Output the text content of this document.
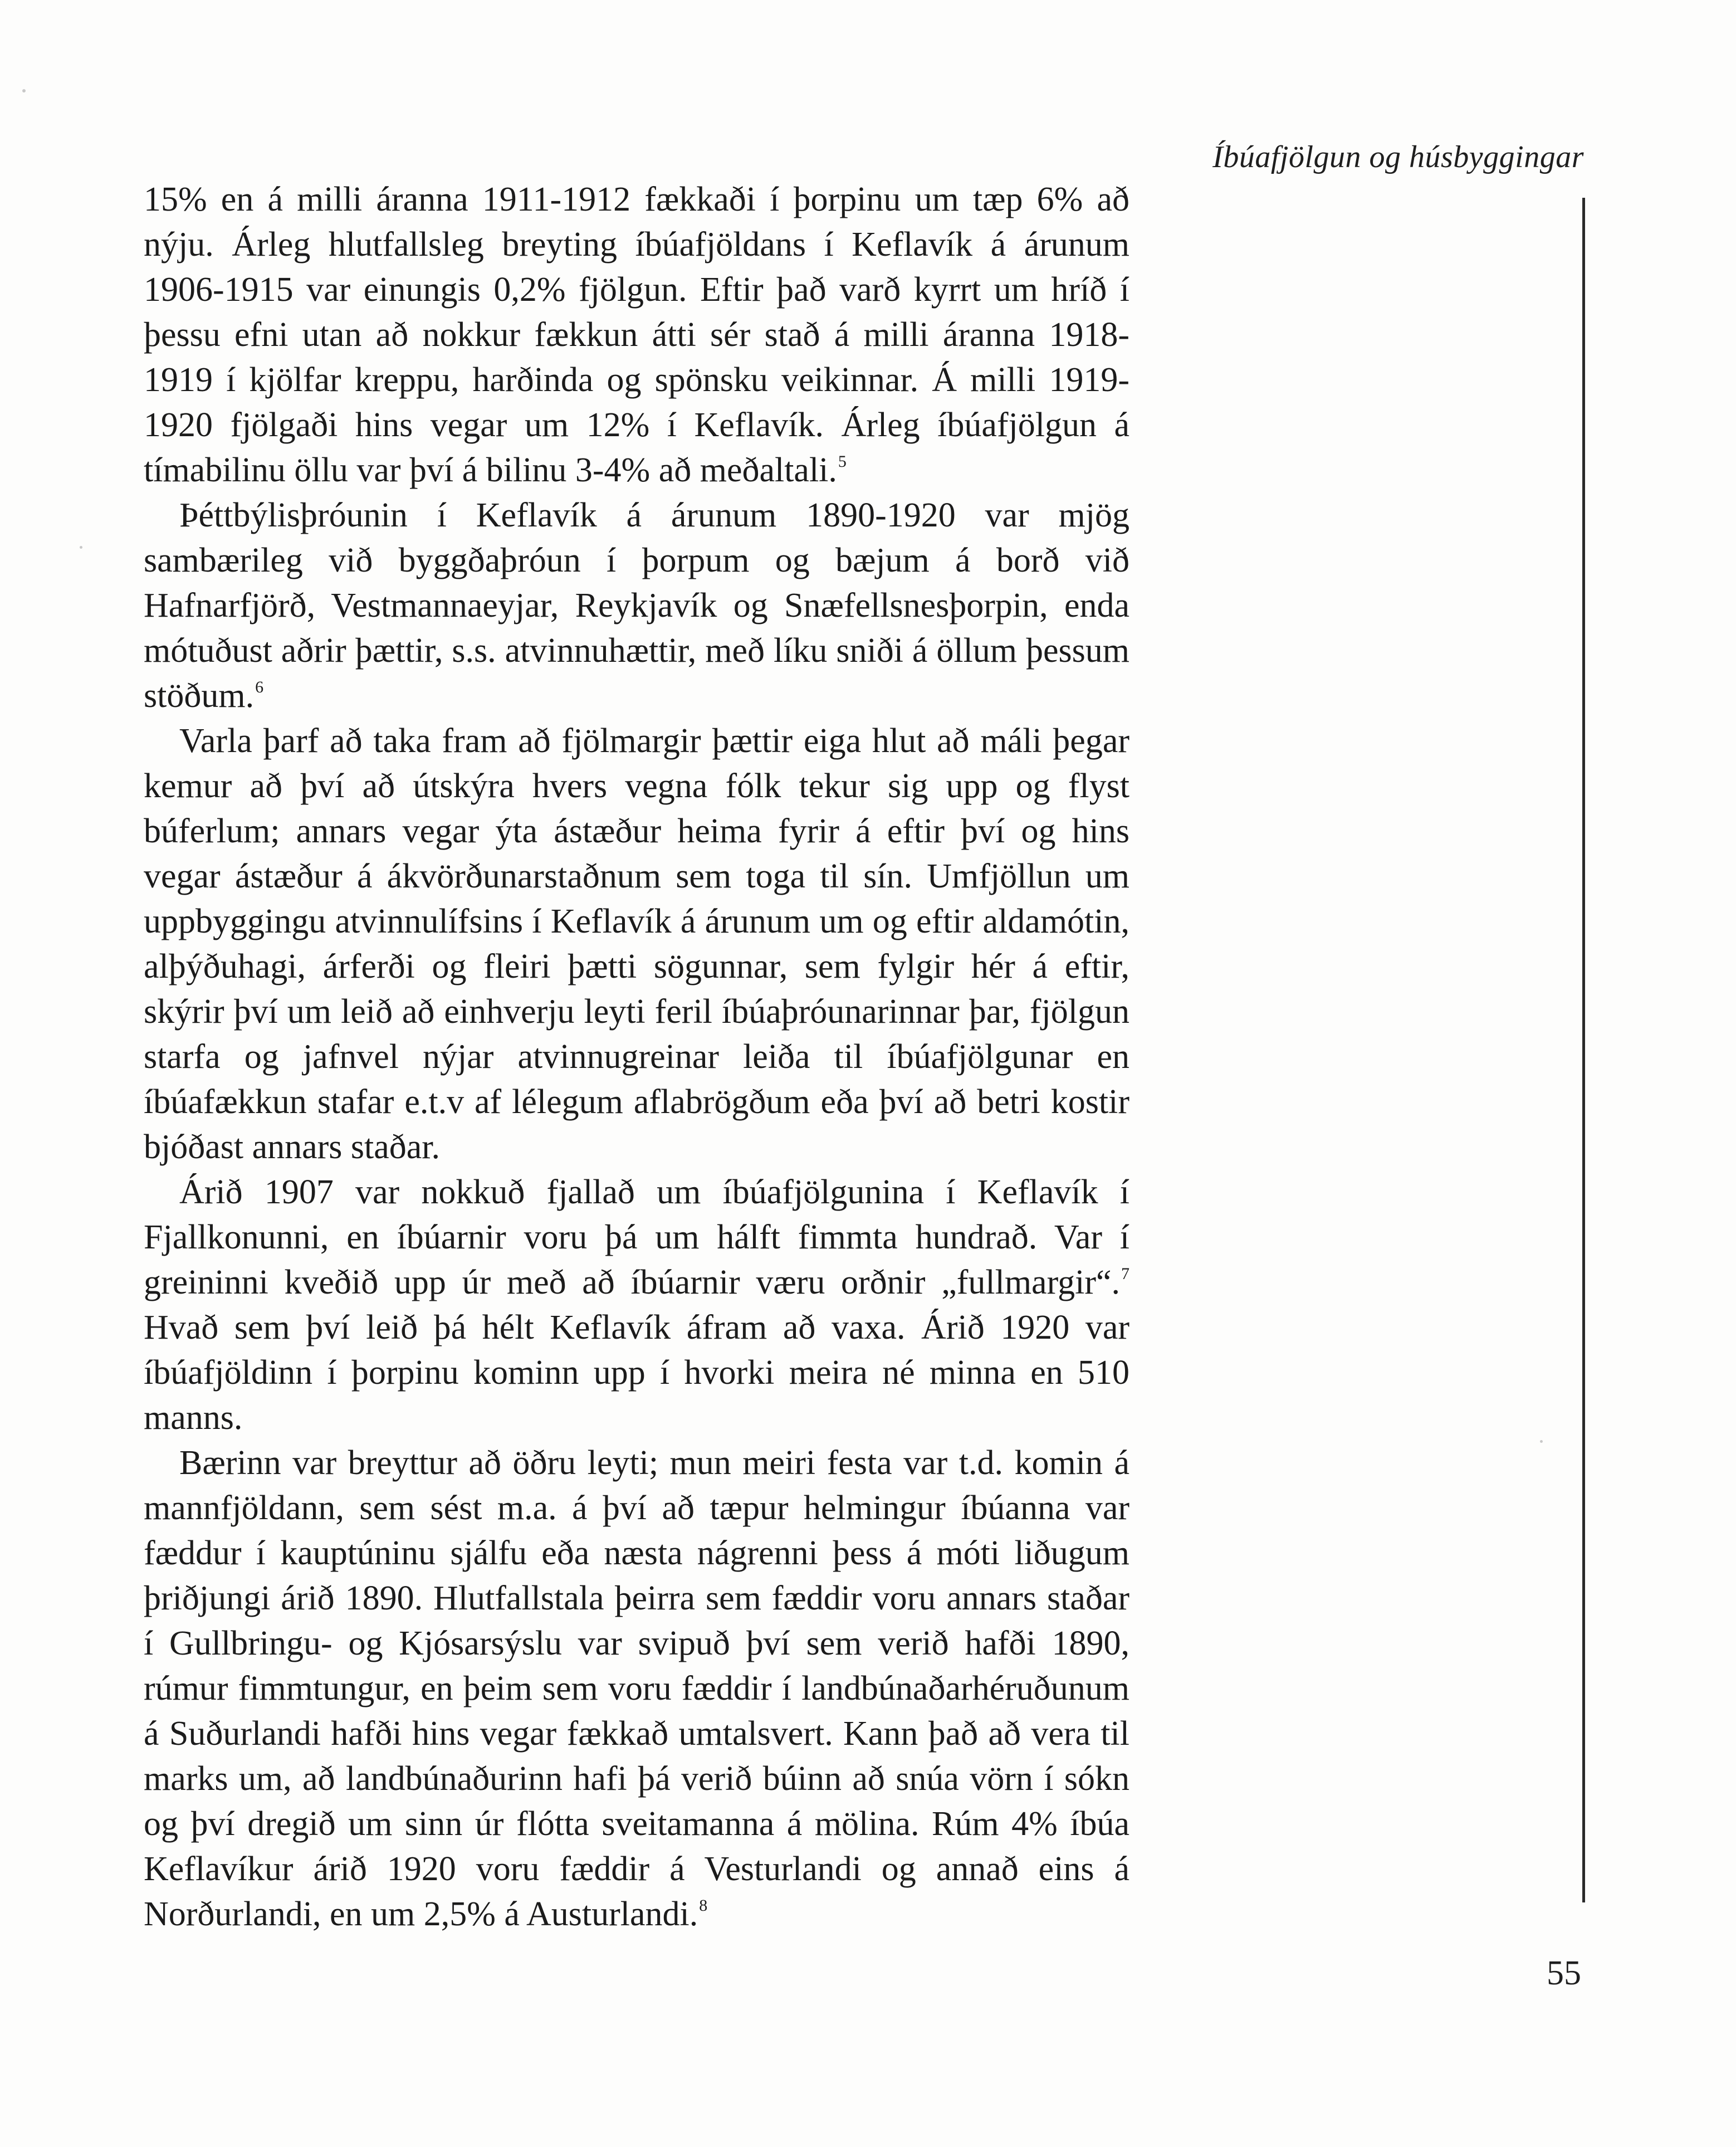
Íbúafjölgun og húsbyggingar

15% en á milli áranna 1911-1912 fækkaði í þorpinu um tæp 6% að nýju. Árleg hlutfallsleg breyting íbúafjöldans í Keflavík á árunum 1906-1915 var einungis 0,2% fjölgun. Eftir það varð kyrrt um hríð í þessu efni utan að nokkur fækkun átti sér stað á milli áranna 1918-1919 í kjölfar kreppu, harðinda og spönsku veikinnar. Á milli 1919-1920 fjölgaði hins vegar um 12% í Keflavík. Árleg íbúafjölgun á tímabilinu öllu var því á bilinu 3-4% að meðaltali.$^5$

Þéttbýlisþróunin í Keflavík á árunum 1890-1920 var mjög sambærileg við byggðaþróun í þorpum og bæjum á borð við Hafnarfjörð, Vestmannaeyjar, Reykjavík og Snæfellsnesþorpin, enda mótuðust aðrir þættir, s.s. atvinnuhættir, með líku sniði á öllum þessum stöðum.$^6$

Varla þarf að taka fram að fjölmargir þættir eiga hlut að máli þegar kemur að því að útskýra hvers vegna fólk tekur sig upp og flyst búferlum; annars vegar ýta ástæður heima fyrir á eftir því og hins vegar ástæður á ákvörðunarstaðnum sem toga til sín. Umfjöllun um uppbyggingu atvinnulífsins í Keflavík á árunum um og eftir aldamótin, alþýðuhagi, árferði og fleiri þætti sögunnar, sem fylgir hér á eftir, skýrir því um leið að einhverju leyti feril íbúaþróunarinnar þar, fjölgun starfa og jafnvel nýjar atvinnugreinar leiða til íbúafjölgunar en íbúafækkun stafar e.t.v af lélegum aflabrögðum eða því að betri kostir bjóðast annars staðar.

Árið 1907 var nokkuð fjallað um íbúafjölgunina í Keflavík í Fjallkonunni, en íbúarnir voru þá um hálft fimmta hundrað. Var í greininni kveðið upp úr með að íbúarnir væru orðnir „fullmargir“.$^7$ Hvað sem því leið þá hélt Keflavík áfram að vaxa. Árið 1920 var íbúafjöldinn í þorpinu kominn upp í hvorki meira né minna en 510 manns.

Bærinn var breyttur að öðru leyti; mun meiri festa var t.d. komin á mannfjöldann, sem sést m.a. á því að tæpur helmingur íbúanna var fæddur í kauptúninu sjálfu eða næsta nágrenni þess á móti liðugum þriðjungi árið 1890. Hlutfallstala þeirra sem fæddir voru annars staðar í Gullbringu- og Kjósarsýslu var svipuð því sem verið hafði 1890, rúmur fimmtungur, en þeim sem voru fæddir í landbúnaðarhéruðunum á Suðurlandi hafði hins vegar fækkað umtalsvert. Kann það að vera til marks um, að landbúnaðurinn hafi þá verið búinn að snúa vörn í sókn og því dregið um sinn úr flótta sveitamanna á mölina. Rúm 4% íbúa Keflavíkur árið 1920 voru fæddir á Vesturlandi og annað eins á Norðurlandi, en um 2,5% á Austurlandi.$^8$

55
